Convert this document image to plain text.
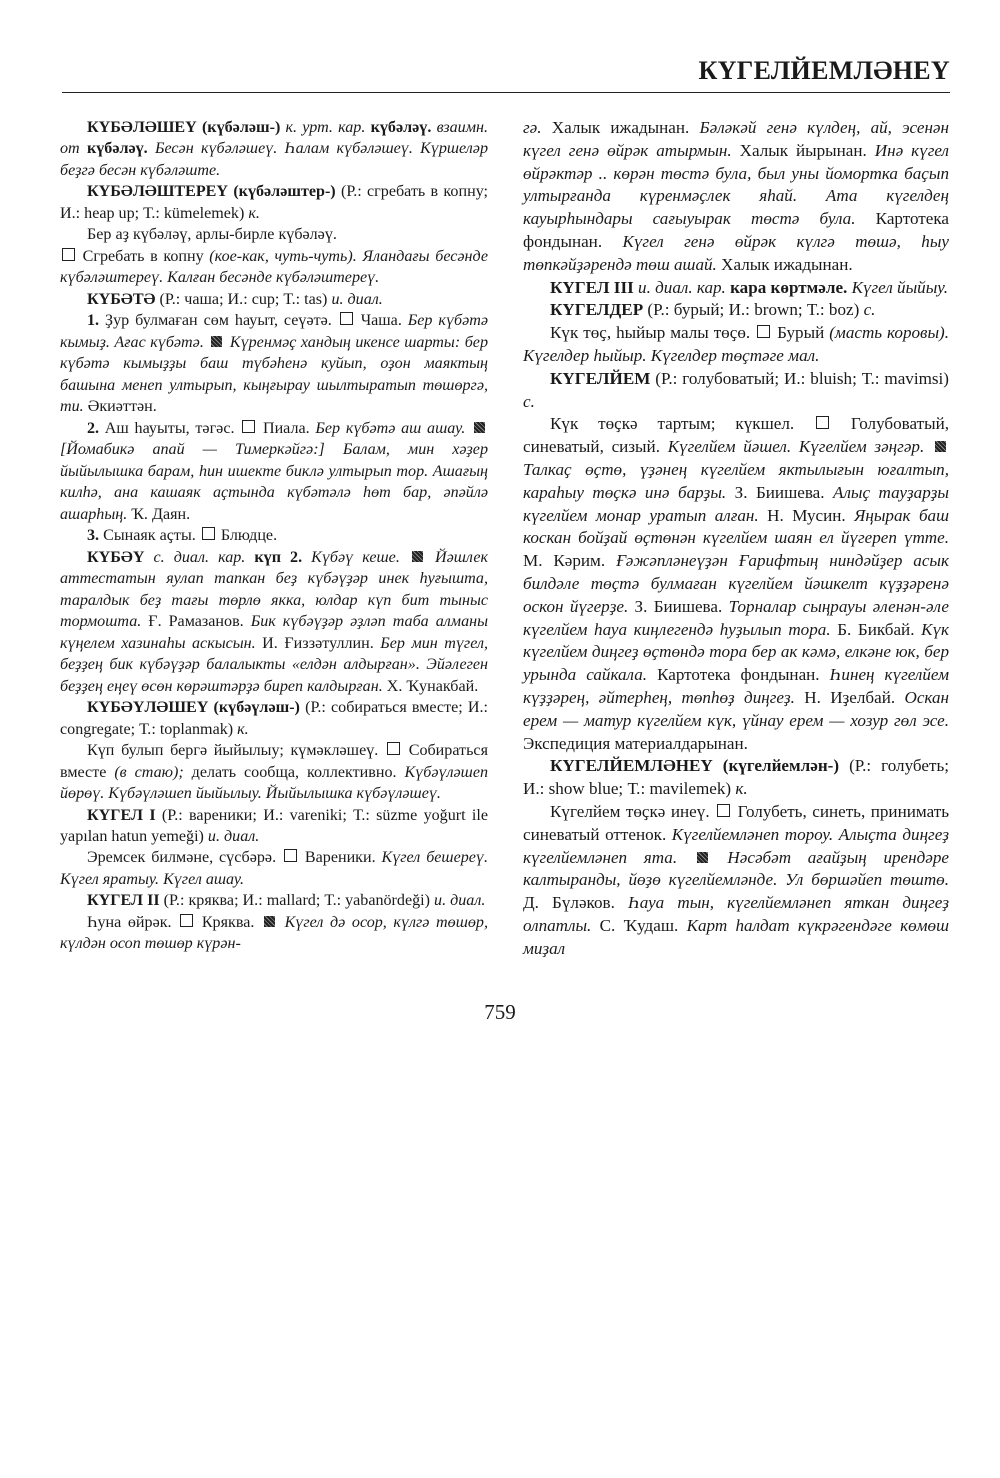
КҮГЕЛЙЕМЛӘНЕҮ

КҮБӘЛӘШЕҮ (күбәләш-) к. урт. кар. күбәләү. взаимн. от күбәләү. Бесән күбәләшеү. Һалам күбәләшеү. Күршеләр беҙгә бесән күбәләште.

КҮБӘЛӘШТЕРЕҮ (күбәләштер-) (Р.: сгребать в копну; И.: heap up; Т.: kümelemek) к.
Бер аҙ күбәләү, арлы-бирле күбәләү.
Сгребать в копну (кое-как, чуть-чуть). Яландағы бесәнде күбәләштереү. Калған бесәнде күбәләштереү.

КҮБӘТӘ (Р.: чаша; И.: cup; Т.: tas) и. диал.

1. Ҙур булмаған сөм һауыт, сеүәтә.  Чаша. Бер күбәтә кымыҙ. Ағас күбәтә.  Күренмәҫ хандың икенсе шарты: бер күбәтә кымыҙҙы баш түбәһенә куйып, оҙон маяктың башына менеп ултырып, кыңғырау шылтыратып төшөргә, ти. Әкиәттән.

2. Аш һауыты, тәгәс.  Пиала. Бер күбәтә аш ашау.  [Йомабикә апай — Тимеркәйгә:] Балам, мин хәҙер йыйылышка барам, һин ишекте биклә ултырып тор. Ашағың килһә, ана кашаяк аҫтында күбәтәлә һөт бар, әпәйлә ашарһың. Ҡ. Даян.

3. Сынаяк аҫты.  Блюдце.

КҮБӘҮ с. диал. кар. күп 2. Күбәү кеше.  Йәшлек аттестатын яулап тапкан беҙ күбәүҙәр инек һуғышта, таралдык беҙ тағы төрлө якка, юлдар күп бит тыныс тормошта. Ғ. Рамазанов. Бик күбәүҙәр әҙләп таба алманы күңелем хазинаһы аскысын. И. Ғиззәтуллин. Бер мин түгел, беҙҙең бик күбәүҙәр балалыкты «елдән алдырған». Эйәлеген беҙҙең еңеү өсөн көрәштәрҙә биреп калдырған. Х. Ҡунакбай.

КҮБӘҮЛӘШЕҮ (күбәүләш-) (Р.: собираться вместе; И.: congregate; Т.: toplanmak) к.
Күп булып бергә йыйылыу; күмәкләшеү.  Собираться вместе (в стаю); делать сообща, коллективно. Күбәүләшеп йөрөү. Күбәүләшеп йыйылыу. Йыйылышка күбәүләшеү.

КҮГЕЛ I (Р.: вареники; И.: vareniki; Т.: süzme yoğurt ile yapılan hatun yemeği) и. диал.
Эремсек билмәне, сүсбәрә.  Вареники. Күгел бешереү. Күгел яратыу. Күгел ашау.

КҮГЕЛ II (Р.: кряква; И.: mallard; Т.: yabanördeği) и. диал.
Һуна өйрәк.  Кряква.  Күгел дә осор, күлгә төшөр, күлдән осоп төшөр күрән-

гә. Халык ижадынан. Бәләкәй генә күлдең, ай, эсенән күгел генә өйрәк атырмын. Халык йырынан. Инә күгел өйрәктәр .. көрән төстә була, был уны йомортка баҫып ултырғанда күренмәҫлек яһай. Ата күгелдең кауырһындары сағыуырак төстә була. Картотека фондынан. Күгел генә өйрәк күлгә төшә, һыу төпкәйҙәрендә төш ашай. Халык ижадынан.

КҮГЕЛ III и. диал. кар. кара көртмәле. Күгел йыйыу.

КҮГЕЛДЕР (Р.: бурый; И.: brown; Т.: boz) с.
Күк төҫ, һыйыр малы төҫө.  Бурый (масть коровы). Күгелдер һыйыр. Күгелдер төҫтәге мал.

КҮГЕЛЙЕМ (Р.: голубоватый; И.: bluish; Т.: mavimsi) с.
Күк төҫкә тартым; күкшел.  Голубоватый, синеватый, сизый. Күгелйем йәшел. Күгелйем зәңгәр.  Талкаҫ өҫтө, үҙәнең күгелйем яктылығын юғалтып, караһыу төҫкә инә барҙы. З. Биишева. Алыҫ тауҙарҙы күгелйем монар уратып алған. Н. Мусин. Яңырак баш коскан бойҙай өҫтөнән күгелйем шаян ел йүгереп үтте. М. Кәрим. Ғәжәпләнеүҙән Ғарифтың ниндәйҙер асык билдәле төҫтә булмаған күгелйем йәшкелт күҙҙәренә оскон йүгерҙе. З. Биишева. Торналар сыңрауы әленән-әле күгелйем һауа киңлегендә һуҙылып тора. Б. Бикбай. Күк күгелйем диңгеҙ өҫтөндә тора бер ак кәмә, елкәне юк, бер урында сайкала. Картотека фондынан. Һинең күгелйем күҙҙәрең, әйтерһең, төпһөҙ диңгеҙ. Н. Иҙелбай. Оскан ерем — матур күгелйем күк, үйнау ерем — хозур гөл эсе. Экспедиция материалдарынан.

КҮГЕЛЙЕМЛӘНЕҮ (күгелйемлән-) (Р.: голубеть; И.: show blue; Т.: mavilemek) к.
Күгелйем төҫкә инеү.  Голубеть, синеть, принимать синеватый оттенок. Күгелйемләнеп тороу. Алыҫта диңгеҙ күгелйемләнеп ята.  Нәсәбәт ағайҙың ирендәре калтыранды, йөҙө күгелйемләнде. Ул бөршәйеп төштө. Д. Бүләков. Һауа тын, күгелйемләнеп яткан диңгеҙ олпатлы. С. Ҡудаш. Карт һалдат күкрәгендәге көмөш миҙал

759
